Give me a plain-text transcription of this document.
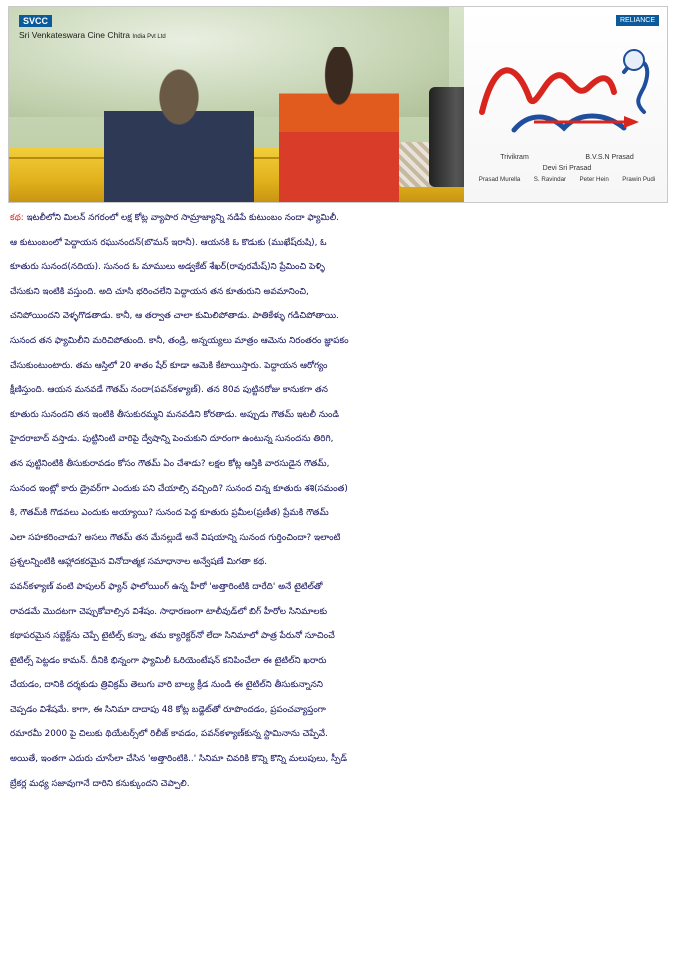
SVCC
Sri Venkateswara Cine Chitra India Pvt Ltd
RELIANCE
Trivikram	B.V.S.N Prasad
Devi Sri Prasad
Prasad Murella S. Ravindar Peter Hein Prawin Pudi

కథ: ఇటలీలోని మిలన్ నగరంలో లక్ష కోట్ల వ్యాపార సామ్రాజ్యాన్ని నడిపే కుటుంబం నందా ఫ్యామిలీ.

ఆ కుటుంబంలో పెద్దాయన రఘునందన్(బొమన్ ఇరానీ). ఆయనకి ఓ కొడుకు (ముఖేష్‌రుషి), ఓ

కూతురు సునంద(నదియ). సునంద ఓ మాములు అడ్వకేట్ శేఖర్(రావురమేష్)ని ప్రేమించి పెళ్ళి

చేసుకుని ఇంటికి వస్తుంది. అది చూసి భరించలేని పెద్దాయన తన కూతురుని అవమానించి,

చనిపోయిందని వెళ్ళగొడతాడు. కానీ, ఆ తర్వాత చాలా కుమిలిపోతాడు. పాతికేళ్ళు గడిచిపోతాయి.

సునంద తన ఫ్యామిలీని మరిచిపోతుంది. కానీ, తండ్రి, అన్నయ్యలు మాత్రం ఆమెను నిరంతరం జ్ఞాపకం

చేసుకుంటుంటారు. తమ ఆస్తిలో 20 శాతం షేర్ కూడా ఆమెకి కేటాయిస్తారు. పెద్దాయన ఆరోగ్యం

క్షీణిస్తుంది. ఆయన మనవడే గౌతమ్ నందా(పవన్‌కళ్యాణ్). తన 80వ పుట్టినరోజు కానుకగా తన

కూతురు సునందని తన ఇంటికి తీసుకురమ్మని మనవడిని కోరతాడు. అప్పుడు గౌతమ్ ఇటలీ నుండి

హైదరాబాద్ వస్తాడు. పుట్టినింటి వారిపై ద్వేషాన్ని పెంచుకుని దూరంగా ఉంటున్న సునందను తిరిగి,

తన పుట్టినింటికి తీసుకురావడం కోసం గౌతమ్ ఏం చేశాడు? లక్షల కోట్ల ఆస్తికి వారసుడైన గౌతమ్,

సునంద ఇంట్లో కారు డ్రైవర్‌గా ఎందుకు పని చేయాల్సి వచ్చింది? సునంద చిన్న కూతురు శశి(సమంత)

కి, గౌతమ్‌కి గొడవలు ఎందుకు అయ్యాయి? సునంద పెద్ద కూతురు ప్రమీల(ప్రణీత) ప్రేమకి గౌతమ్

ఎలా సహకరించాడు? అసలు గౌతమ్ తన మేనల్లుడే అనే విషయాన్ని సునంద గుర్తించిందా? ఇలాంటి

ప్రశ్నలన్నింటికి ఆహ్లాదకరమైన వినోదాత్మక సమాధానాల అన్వేషణే మిగతా కథ.

పవన్‌కళ్యాణ్ వంటి పాపులర్ ఫ్యాన్ ఫాలోయింగ్ ఉన్న హీరో 'అత్తారింటికి దారేది' అనే టైటిల్‌తో

రావడమే మొదటగా చెప్పుకోవాల్సిన విశేషం. సాధారణంగా టాలీవుడ్‌లో బిగ్ హీరోల సినిమాలకు

కథాపరమైన సబ్జెక్ట్‌ను చెప్పే టైటిల్స్ కన్నా, తమ క్యారెక్టర్‌నో లేదా సినిమాలో పాత్ర పేరునో సూచించే

టైటిల్స్ పెట్టడం కామన్. దీనికి భిన్నంగా ఫ్యామిలీ ఓరియెంటేషన్ కనిపించేలా ఈ టైటిల్‌ని ఖరారు

చేయడం, దానికి దర్శకుడు త్రివిక్రమ్ తెలుగు వారి బాల్య క్రీడ నుండి ఈ టైటిల్‌ని తీసుకున్నానని

చెప్పడం విశేషమే. కాగా, ఈ సినిమా దాదాపు 48 కోట్ల బడ్జెట్‌తో రూపొందడం, ప్రపంచవ్యాప్తంగా

రమారమీ 2000 పై చిలుకు థియేటర్స్‌లో రిలీజ్ కావడం, పవన్‌కళ్యాణ్‌కున్న స్టామినాను చెప్పేవే.

అయితే, ఇంతగా ఎదురు చూసేలా చేసిన 'అత్తారింటికి..' సినిమా చివరికి కొన్ని కొన్ని మలుపులు, స్పీడ్

బ్రేకర్ల మధ్య సజావుగానే దారిని కనుక్కుందని చెప్పాలి.
